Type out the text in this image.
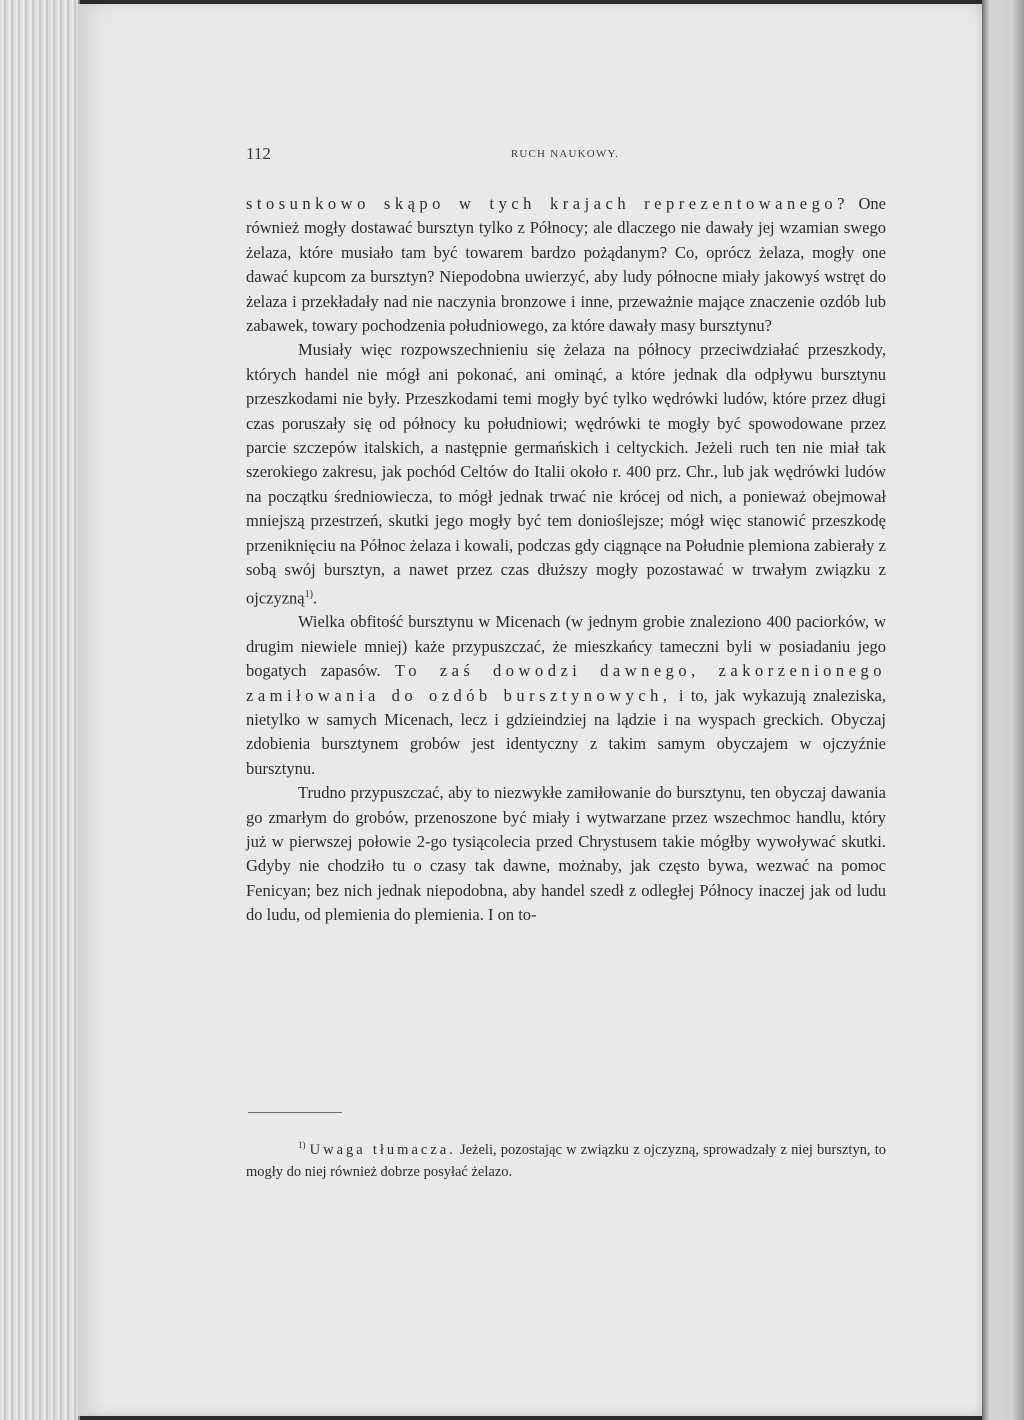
112	RUCH NAUKOWY.

stosunkowo skąpo w tych krajach reprezentowanego? One również mogły dostawać bursztyn tylko z Północy; ale dlaczego nie dawały jej wzamian swego żelaza, które musiało tam być towarem bardzo pożądanym? Co, oprócz żelaza, mogły one dawać kupcom za bursztyn? Niepodobna uwierzyć, aby ludy północne miały jakowyś wstręt do żelaza i przekładały nad nie naczynia bronzowe i inne, przeważnie mające znaczenie ozdób lub zabawek, towary pochodzenia południowego, za które dawały masy bursztynu?

Musiały więc rozpowszechnieniu się żelaza na północy przeciwdziałać przeszkody, których handel nie mógł ani pokonać, ani ominąć, a które jednak dla odpływu bursztynu przeszkodami nie były. Przeszkodami temi mogły być tylko wędrówki ludów, które przez długi czas poruszały się od północy ku południowi; wędrówki te mogły być spowodowane przez parcie szczepów italskich, a następnie germańskich i celtyckich. Jeżeli ruch ten nie miał tak szerokiego zakresu, jak pochód Celtów do Italii około r. 400 prz. Chr., lub jak wędrówki ludów na początku średniowiecza, to mógł jednak trwać nie krócej od nich, a ponieważ obejmował mniejszą przestrzeń, skutki jego mogły być tem donioślejsze; mógł więc stanowić przeszkodę przeniknięciu na Północ żelaza i kowali, podczas gdy ciągnące na Południe plemiona zabierały z sobą swój bursztyn, a nawet przez czas dłuższy mogły pozostawać w trwałym związku z ojczyzną$^{1)}$.

Wielka obfitość bursztynu w Micenach (w jednym grobie znaleziono 400 paciorków, w drugim niewiele mniej) każe przypuszczać, że mieszkańcy tameczni byli w posiadaniu jego bogatych zapasów. To zaś dowodzi dawnego, zakorzenionego zamiłowania do ozdób bursztynowych, i to, jak wykazują znaleziska, nietylko w samych Micenach, lecz i gdzieindziej na lądzie i na wyspach greckich. Obyczaj zdobienia bursztynem grobów jest identyczny z takim samym obyczajem w ojczyźnie bursztynu.

Trudno przypuszczać, aby to niezwykłe zamiłowanie do bursztynu, ten obyczaj dawania go zmarłym do grobów, przenoszone być miały i wytwarzane przez wszechmoc handlu, który już w pierwszej połowie 2-go tysiącolecia przed Chrystusem takie mógłby wywoływać skutki. Gdyby nie chodziło tu o czasy tak dawne, możnaby, jak często bywa, wezwać na pomoc Fenicyan; bez nich jednak niepodobna, aby handel szedł z odległej Północy inaczej jak od ludu do ludu, od plemienia do plemienia. I on to-

$^{1)}$ Uwaga tłumacza. Jeżeli, pozostając w związku z ojczyzną, sprowadzały z niej bursztyn, to mogły do niej również dobrze posyłać żelazo.
